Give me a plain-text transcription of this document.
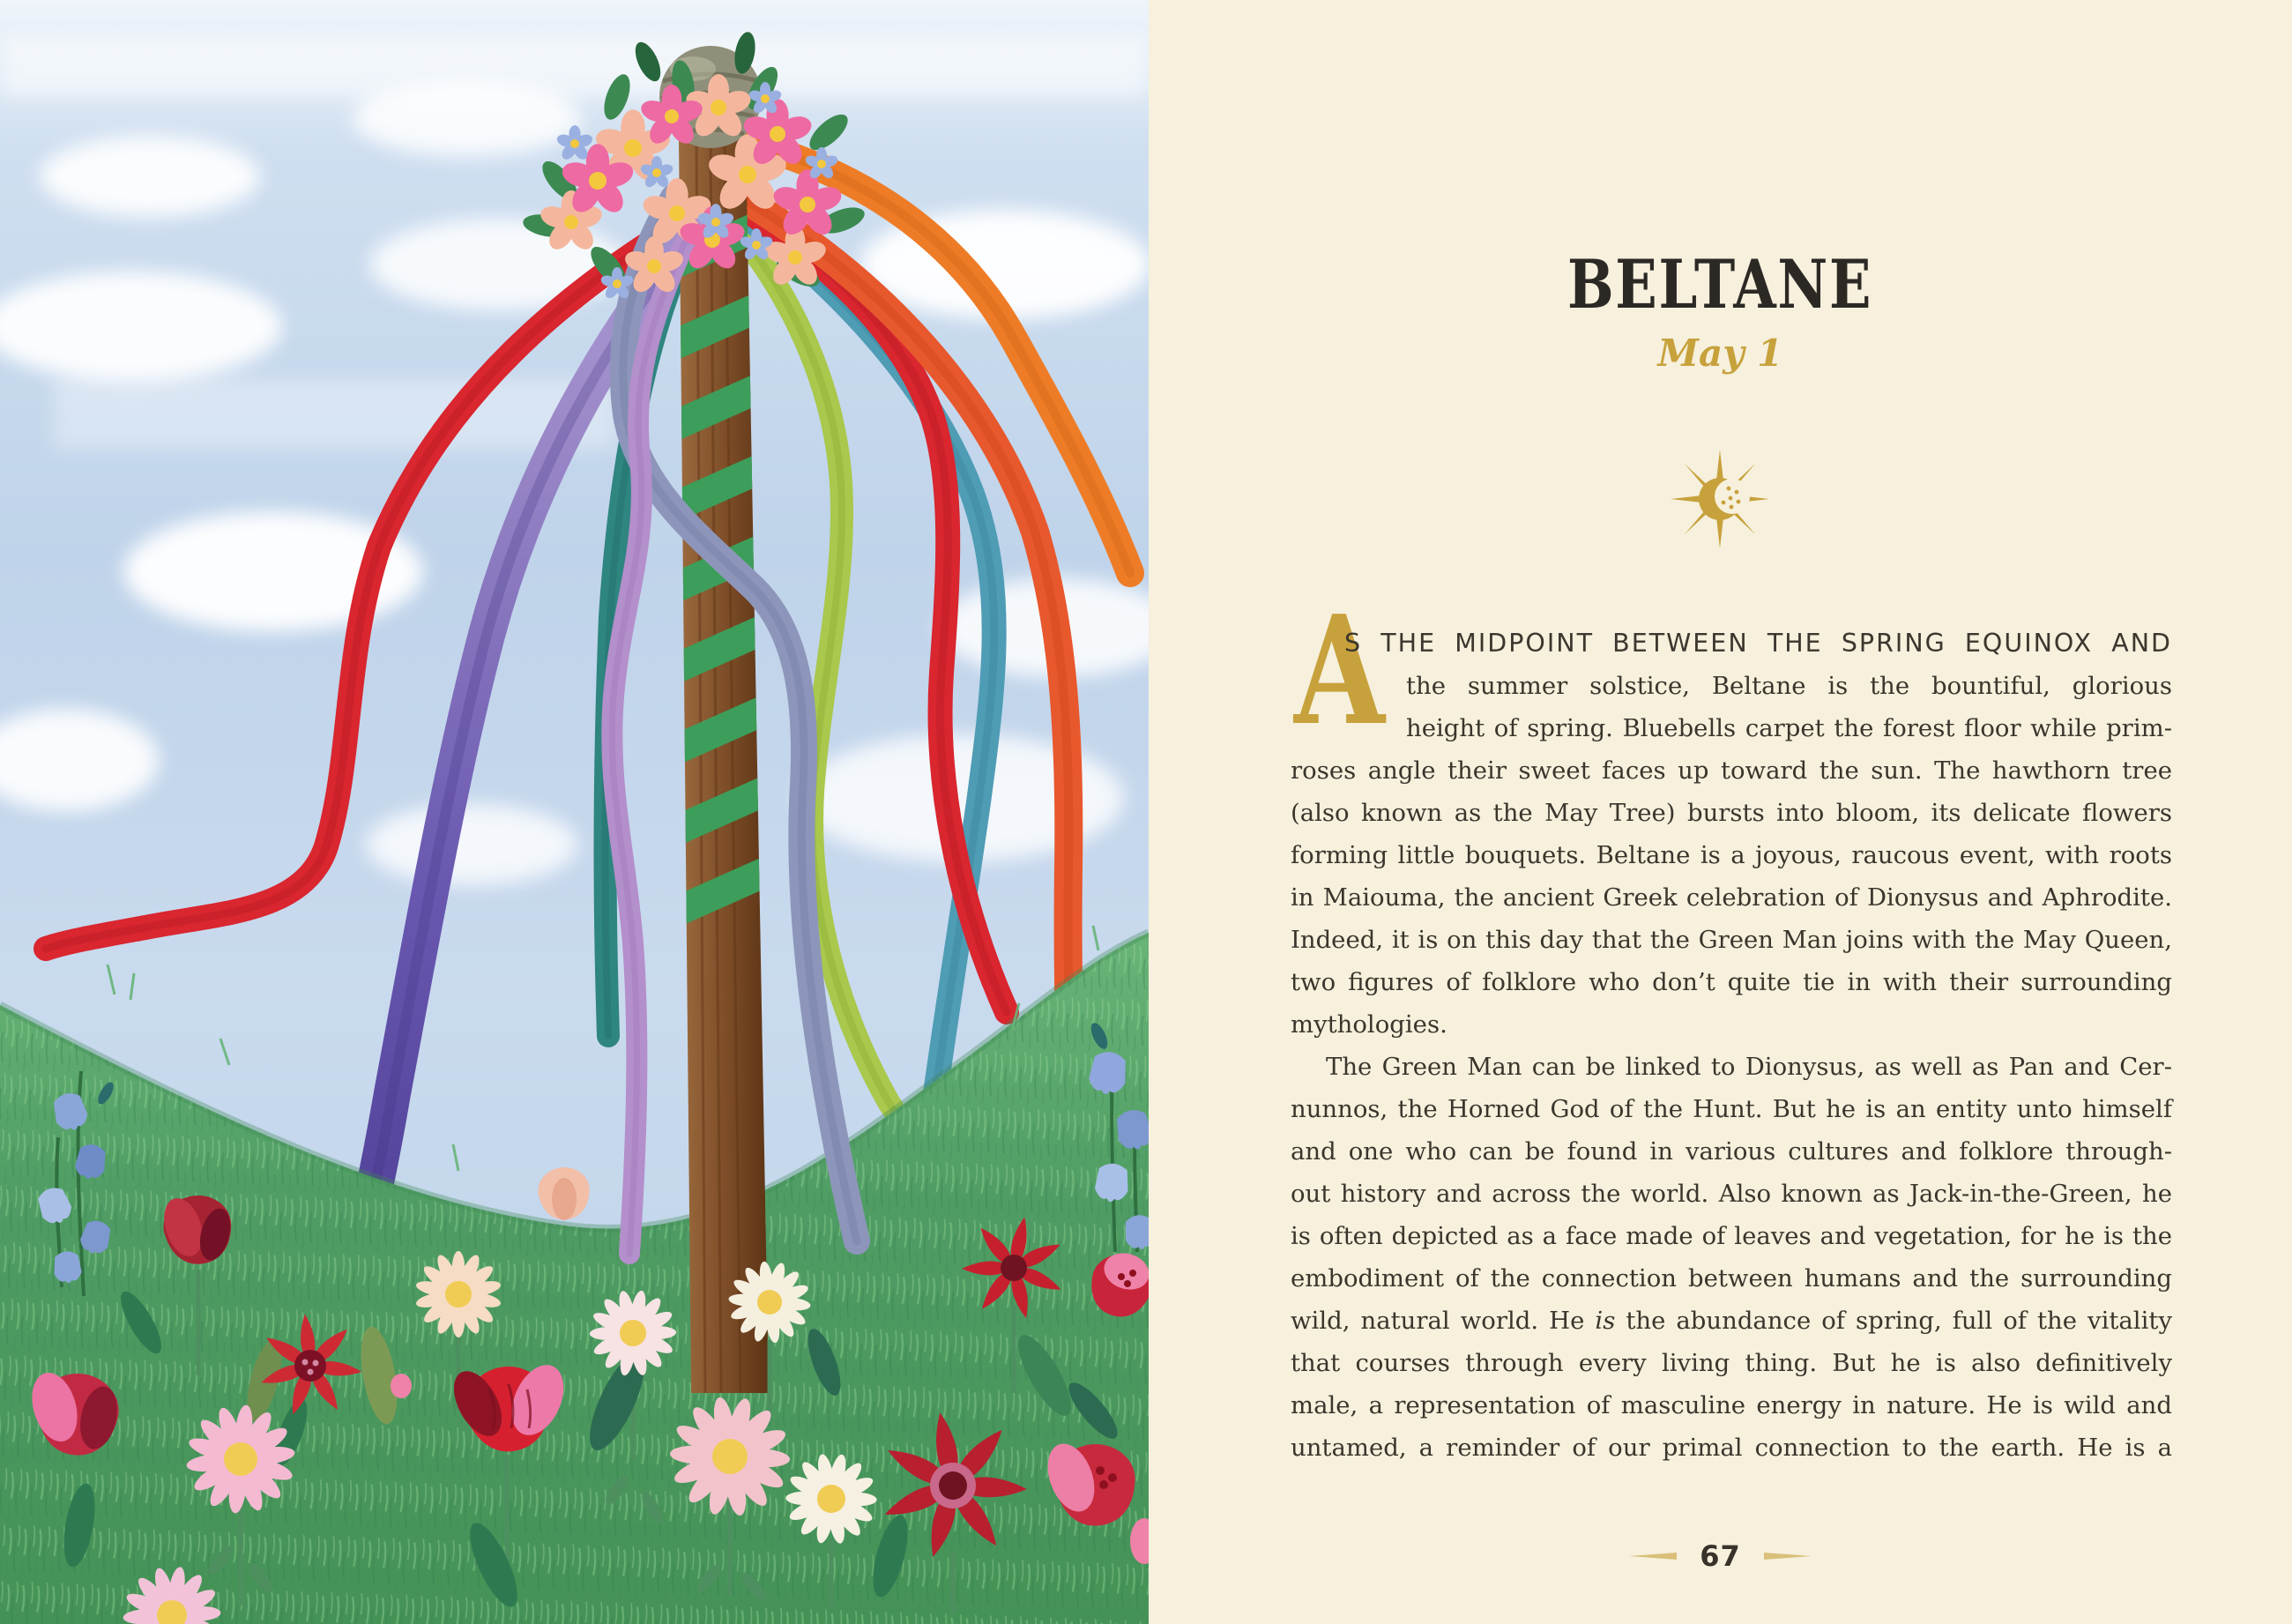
BELTANE
May 1
A
S THE MIDPOINT BETWEEN THE SPRING EQUINOX AND
the summer solstice, Beltane is the bountiful, glorious
height of spring. Bluebells carpet the forest floor while prim-
roses angle their sweet faces up toward the sun. The hawthorn tree
(also known as the May Tree) bursts into bloom, its delicate flowers
forming little bouquets. Beltane is a joyous, raucous event, with roots
in Maiouma, the ancient Greek celebration of Dionysus and Aphrodite.
Indeed, it is on this day that the Green Man joins with the May Queen,
two figures of folklore who don’t quite tie in with their surrounding
mythologies.
The Green Man can be linked to Dionysus, as well as Pan and Cer-
nunnos, the Horned God of the Hunt. But he is an entity unto himself
and one who can be found in various cultures and folklore through-
out history and across the world. Also known as Jack-in-the-Green, he
is often depicted as a face made of leaves and vegetation, for he is the
embodiment of the connection between humans and the surrounding
wild, natural world. He is the abundance of spring, full of the vitality
that courses through every living thing. But he is also definitively
male, a representation of masculine energy in nature. He is wild and
untamed, a reminder of our primal connection to the earth. He is a
67
